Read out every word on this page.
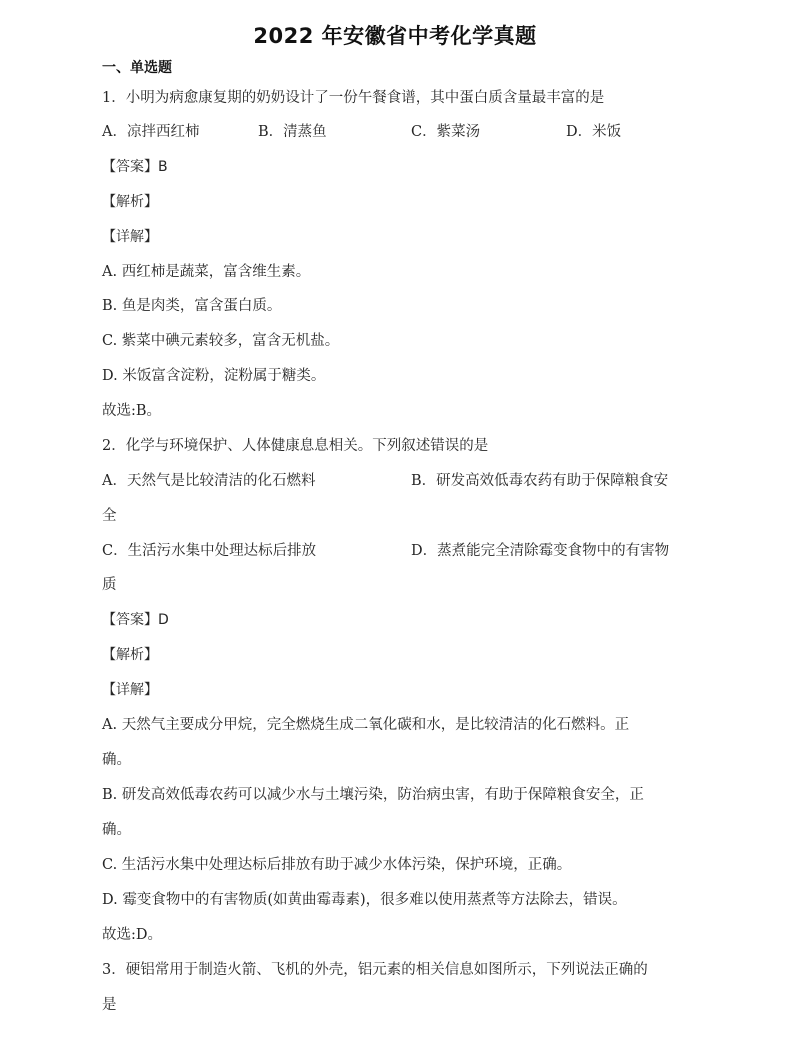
2022 年安徽省中考化学真题
一、单选题
1．小明为病愈康复期的奶奶设计了一份午餐食谱，其中蛋白质含量最丰富的是
A．凉拌西红柿	B．清蒸鱼	C．紫菜汤	D．米饭
【答案】B
【解析】
【详解】
A. 西红柿是蔬菜，富含维生素。
B. 鱼是肉类，富含蛋白质。
C. 紫菜中碘元素较多，富含无机盐。
D. 米饭富含淀粉，淀粉属于糖类。
故选:B。
2．化学与环境保护、人体健康息息相关。下列叙述错误的是
A．天然气是比较清洁的化石燃料	B．研发高效低毒农药有助于保障粮食安
全
C．生活污水集中处理达标后排放	D．蒸煮能完全清除霉变食物中的有害物
质
【答案】D
【解析】
【详解】
A. 天然气主要成分甲烷，完全燃烧生成二氧化碳和水，是比较清洁的化石燃料。正
确。
B. 研发高效低毒农药可以减少水与土壤污染，防治病虫害，有助于保障粮食安全，正
确。
C. 生活污水集中处理达标后排放有助于减少水体污染，保护环境，正确。
D. 霉变食物中的有害物质(如黄曲霉毒素)，很多难以使用蒸煮等方法除去，错误。
故选:D。
3．硬铝常用于制造火箭、飞机的外壳，铝元素的相关信息如图所示，下列说法正确的
是
